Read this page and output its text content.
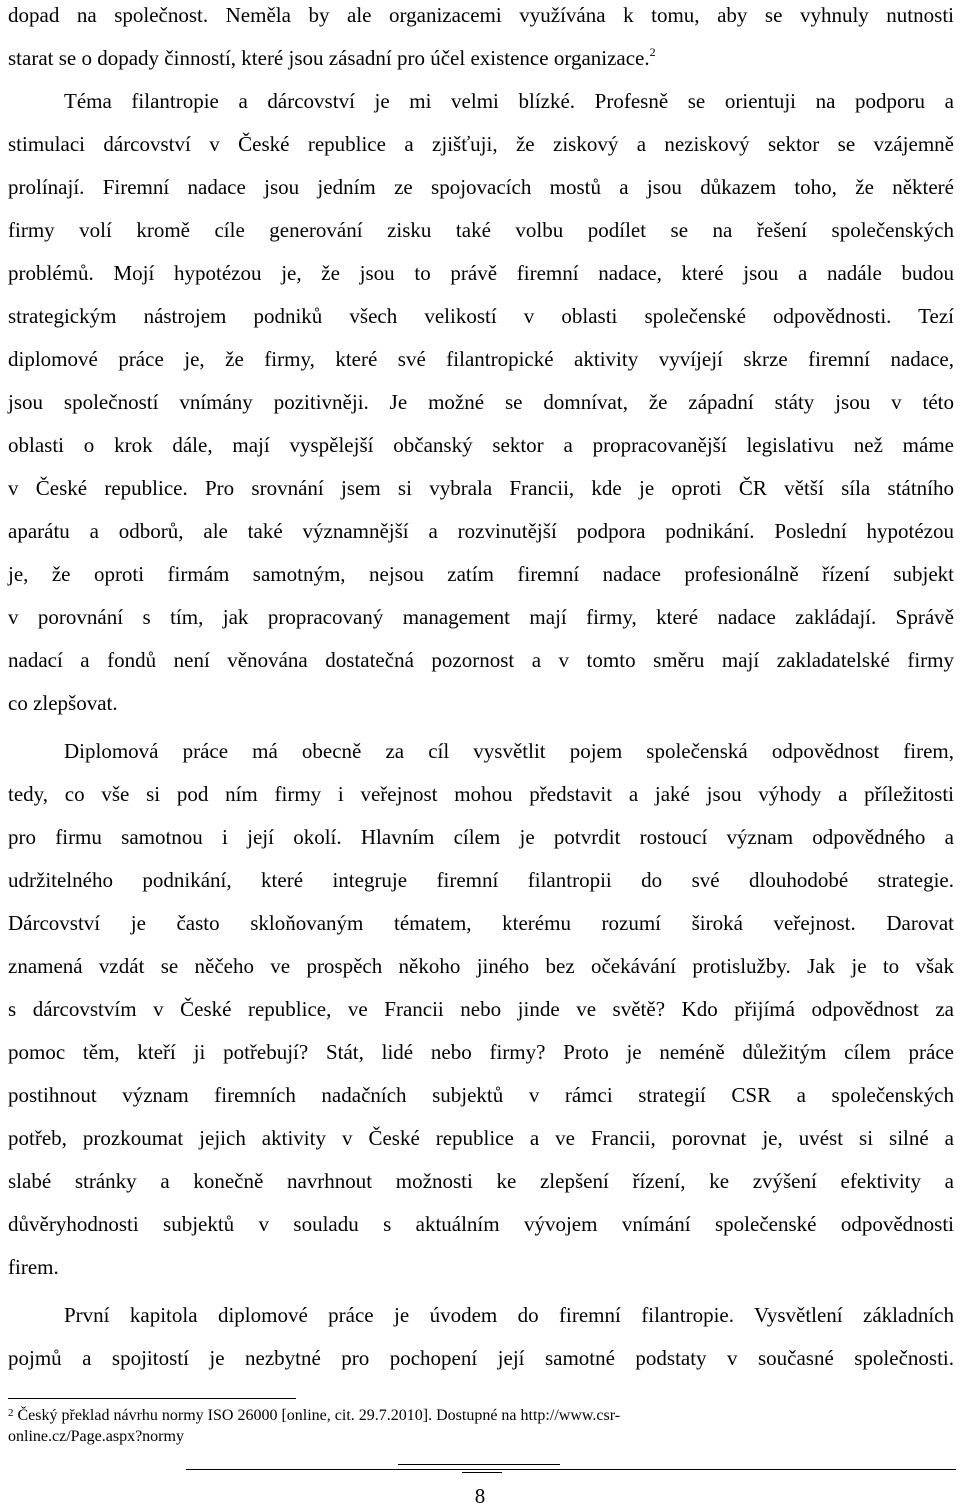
dopad na společnost. Neměla by ale organizacemi využívána k tomu, aby se vyhnuly nutnosti
starat se o dopady činností, které jsou zásadní pro účel existence organizace.$^2$
Téma filantropie a dárcovství je mi velmi blízké. Profesně se orientuji na podporu a
stimulaci dárcovství v České republice a zjišťuji, že ziskový a neziskový sektor se vzájemně
prolínají. Firemní nadace jsou jedním ze spojovacích mostů a jsou důkazem toho, že některé
firmy volí kromě cíle generování zisku také volbu podílet se na řešení společenských
problémů. Mojí hypotézou je, že jsou to právě firemní nadace, které jsou a nadále budou
strategickým nástrojem podniků všech velikostí v oblasti společenské odpovědnosti. Tezí
diplomové práce je, že firmy, které své filantropické aktivity vyvíjejí skrze firemní nadace,
jsou společností vnímány pozitivněji. Je možné se domnívat, že západní státy jsou v této
oblasti o krok dále, mají vyspělejší občanský sektor a propracovanější legislativu než máme
v České republice. Pro srovnání jsem si vybrala Francii, kde je oproti ČR větší síla státního
aparátu a odborů, ale také významnější a rozvinutější podpora podnikání. Poslední hypotézou
je, že oproti firmám samotným, nejsou zatím firemní nadace profesionálně řízení subjekt
v porovnání s tím, jak propracovaný management mají firmy, které nadace zakládají. Správě
nadací a fondů není věnována dostatečná pozornost a v tomto směru mají zakladatelské firmy
co zlepšovat.
Diplomová práce má obecně za cíl vysvětlit pojem společenská odpovědnost firem,
tedy, co vše si pod ním firmy i veřejnost mohou představit a jaké jsou výhody a příležitosti
pro firmu samotnou i její okolí. Hlavním cílem je potvrdit rostoucí význam odpovědného a
udržitelného podnikání, které integruje firemní filantropii do své dlouhodobé strategie.
Dárcovství je často skloňovaným tématem, kterému rozumí široká veřejnost. Darovat
znamená vzdát se něčeho ve prospěch někoho jiného bez očekávání protislužby. Jak je to však
s dárcovstvím v České republice, ve Francii nebo jinde ve světě? Kdo přijímá odpovědnost za
pomoc těm, kteří ji potřebují? Stát, lidé nebo firmy? Proto je neméně důležitým cílem práce
postihnout význam firemních nadačních subjektů v rámci strategií CSR a společenských
potřeb, prozkoumat jejich aktivity v České republice a ve Francii, porovnat je, uvést si silné a
slabé stránky a konečně navrhnout možnosti ke zlepšení řízení, ke zvýšení efektivity a
důvěryhodnosti subjektů v souladu s aktuálním vývojem vnímání společenské odpovědnosti
firem.
První kapitola diplomové práce je úvodem do firemní filantropie. Vysvětlení základních
pojmů a spojitostí je nezbytné pro pochopení její samotné podstaty v současné společnosti.
$^2$ Český překlad návrhu normy ISO 26000 [online, cit. 29.7.2010]. Dostupné na http://www.csr-
online.cz/Page.aspx?normy
8
